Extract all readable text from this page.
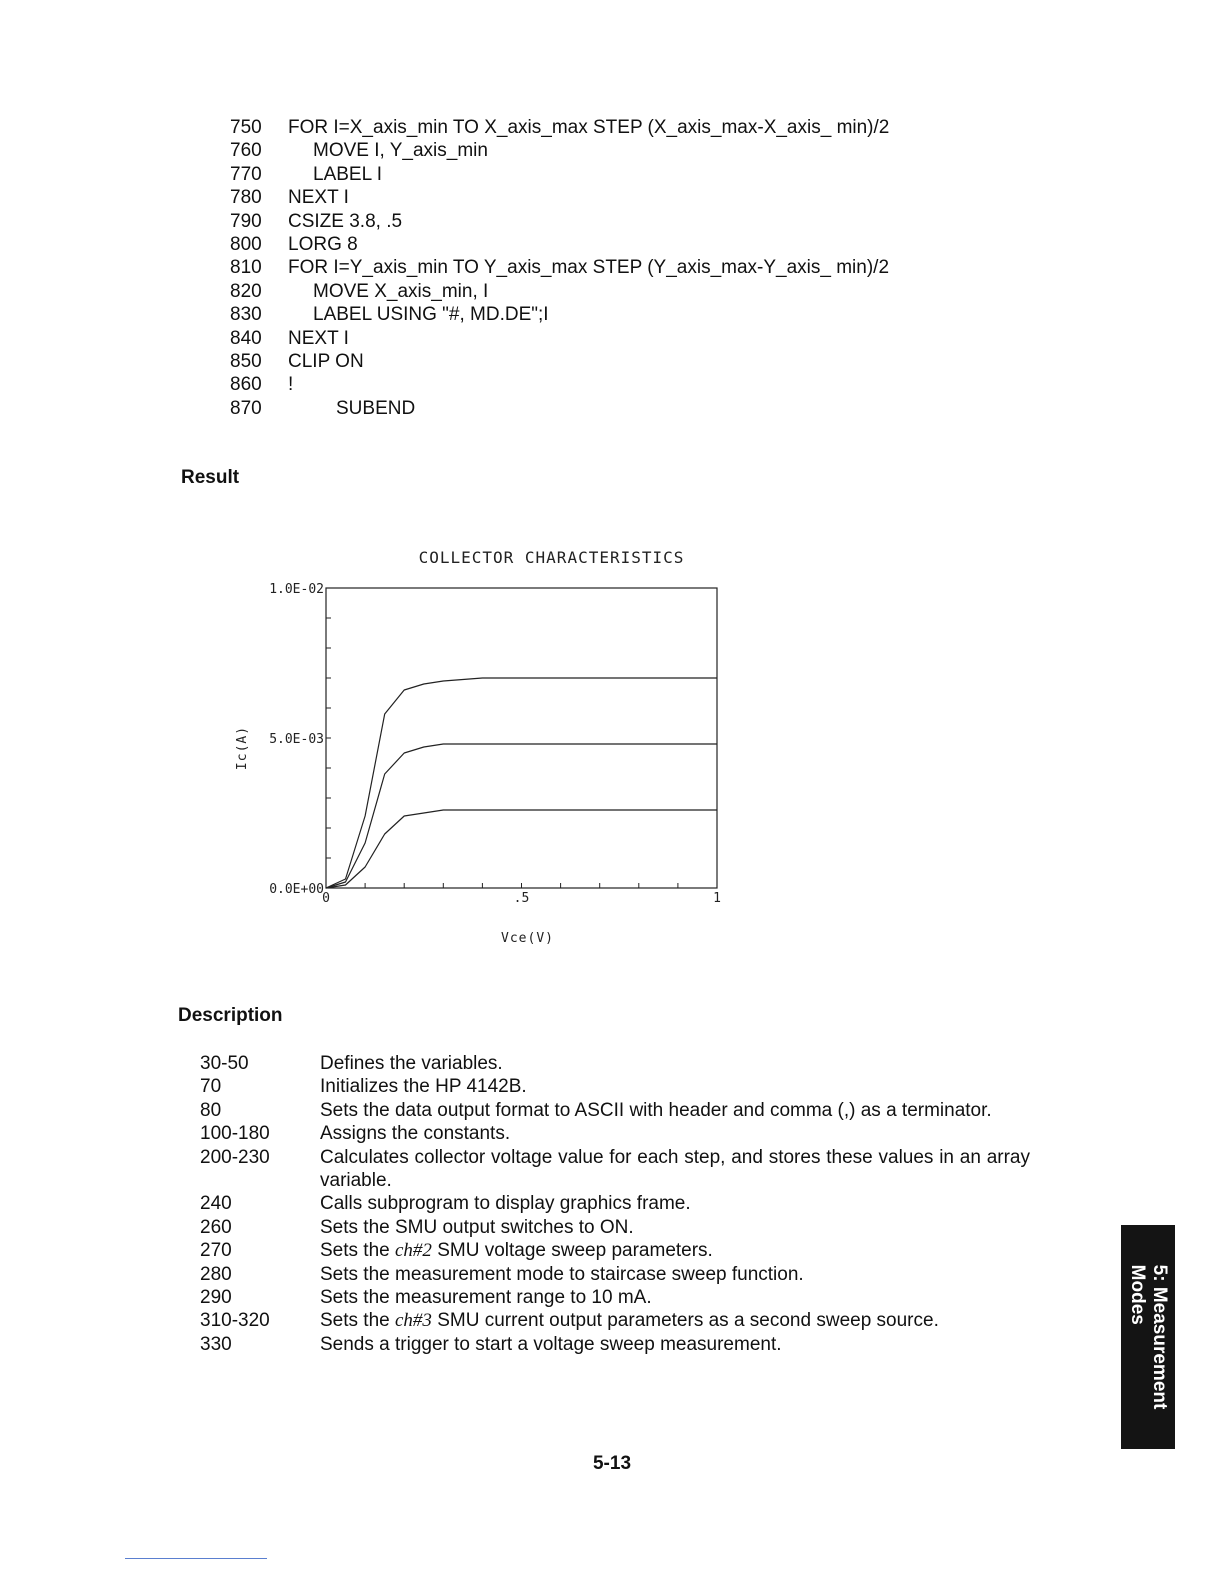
750 FOR I=X_axis_min TO X_axis_max STEP (X_axis_max-X_axis_ min)/2
760	MOVE I, Y_axis_min
770	LABEL I
780 NEXT I
790 CSIZE 3.8, .5
800 LORG 8
810 FOR I=Y_axis_min TO Y_axis_max STEP (Y_axis_max-Y_axis_ min)/2
820	MOVE X_axis_min, I
830	LABEL USING "#, MD.DE";I
840 NEXT I
850 CLIP ON
860 !
870	SUBEND
Result
COLLECTOR CHARACTERISTICS
0.0E+00
5.0E-03
1.0E-02
0	.5	1
Vce(V)
Ic(A)
Description
30-50	Defines the variables.
70	Initializes the HP 4142B.
80	Sets the data output format to ASCII with header and comma (,) as a terminator.
100-180	Assigns the constants.
200-230	Calculates collector voltage value for each step, and stores these values in an array variable.
240	Calls subprogram to display graphics frame.
260	Sets the SMU output switches to ON.
270	Sets the ch#2 SMU voltage sweep parameters.
280	Sets the measurement mode to staircase sweep function.
290	Sets the measurement range to 10 mA.
310-320	Sets the ch#3 SMU current output parameters as a second sweep source.
330	Sends a trigger to start a voltage sweep measurement.	5: Measurement
Modes
5-13
